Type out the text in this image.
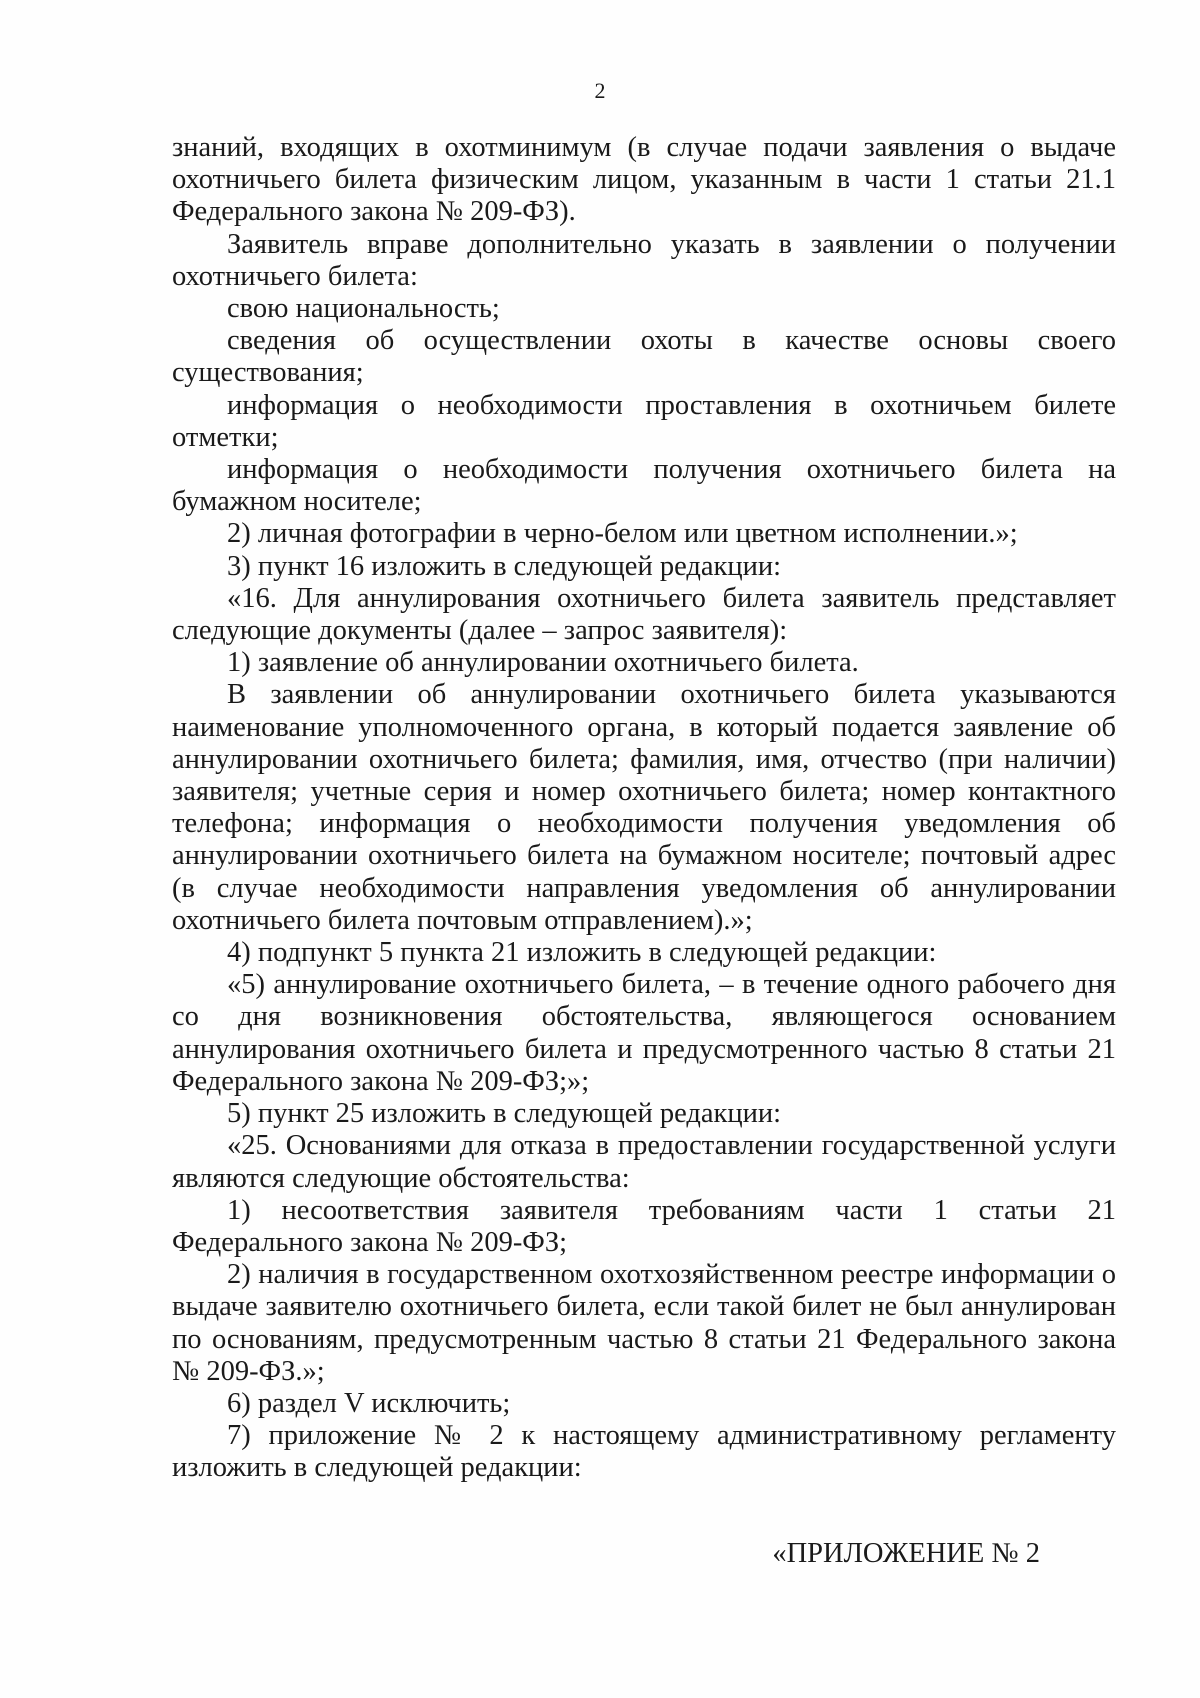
2

знаний, входящих в охотминимум (в случае подачи заявления о выдаче охотничьего билета физическим лицом, указанным в части 1 статьи 21.1 Федерального закона № 209-ФЗ).

Заявитель вправе дополнительно указать в заявлении о получении охотничьего билета:

свою национальность;

сведения об осуществлении охоты в качестве основы своего существования;

информация о необходимости проставления в охотничьем билете отметки;

информация о необходимости получения охотничьего билета на бумажном носителе;

2) личная фотографии в черно-белом или цветном исполнении.»;

3) пункт 16 изложить в следующей редакции:

«16. Для аннулирования охотничьего билета заявитель представляет следующие документы (далее – запрос заявителя):

1) заявление об аннулировании охотничьего билета.

В заявлении об аннулировании охотничьего билета указываются наименование уполномоченного органа, в который подается заявление об аннулировании охотничьего билета; фамилия, имя, отчество (при наличии) заявителя; учетные серия и номер охотничьего билета; номер контактного телефона; информация о необходимости получения уведомления об аннулировании охотничьего билета на бумажном носителе; почтовый адрес (в случае необходимости направления уведомления об аннулировании охотничьего билета почтовым отправлением).»;

4) подпункт 5 пункта 21 изложить в следующей редакции:

«5) аннулирование охотничьего билета, – в течение одного рабочего дня со дня возникновения обстоятельства, являющегося основанием аннулирования охотничьего билета и предусмотренного частью 8 статьи 21 Федерального закона № 209-ФЗ;»;

5) пункт 25 изложить в следующей редакции:

«25. Основаниями для отказа в предоставлении государственной услуги являются следующие обстоятельства:

1) несоответствия заявителя требованиям части 1 статьи 21 Федерального закона № 209-ФЗ;

2) наличия в государственном охотхозяйственном реестре информации о выдаче заявителю охотничьего билета, если такой билет не был аннулирован по основаниям, предусмотренным частью 8 статьи 21 Федерального закона № 209-ФЗ.»;

6) раздел V исключить;

7) приложение № 2 к настоящему административному регламенту изложить в следующей редакции:

«ПРИЛОЖЕНИЕ № 2
